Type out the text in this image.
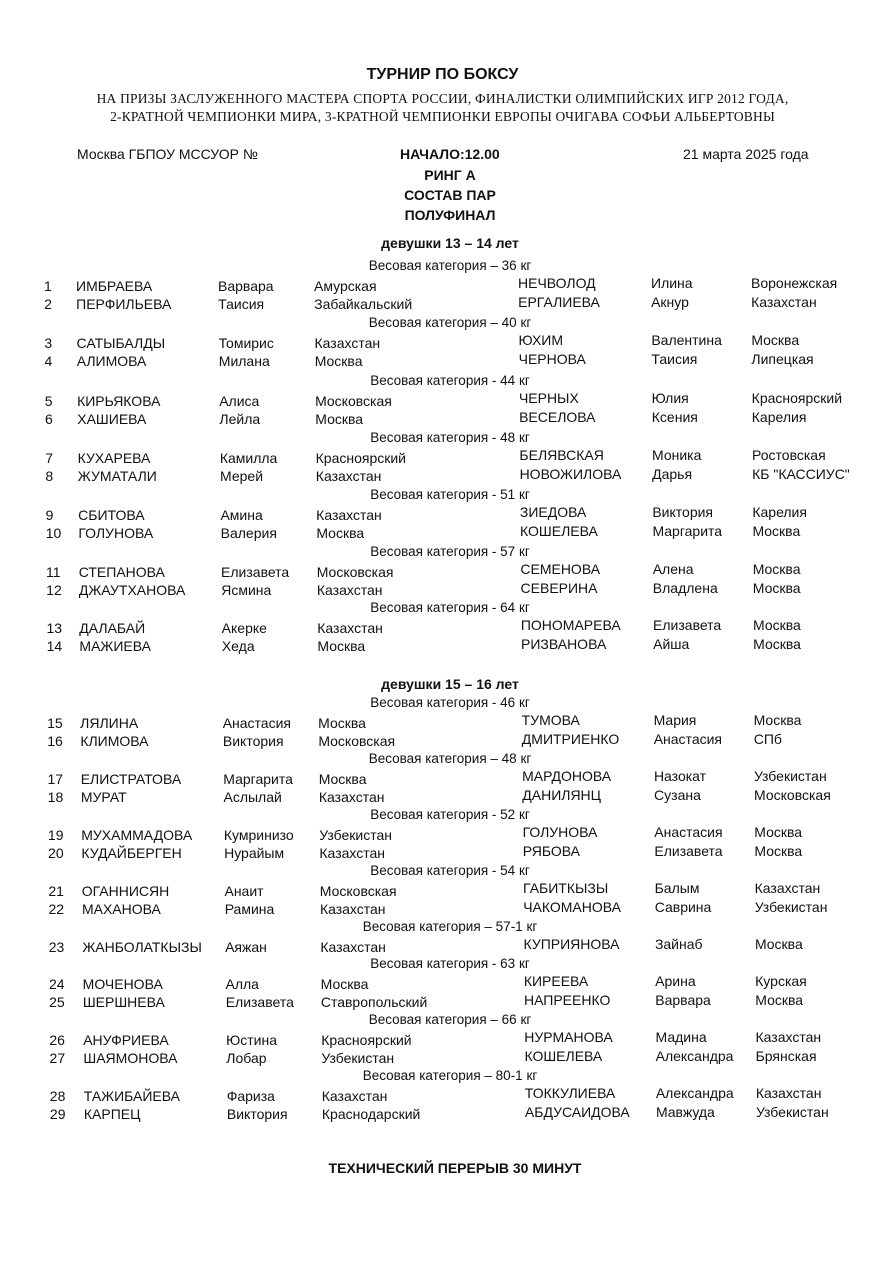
ТУРНИР ПО БОКСУ
НА ПРИЗЫ ЗАСЛУЖЕННОГО МАСТЕРА СПОРТА РОССИИ, ФИНАЛИСТКИ ОЛИМПИЙСКИХ ИГР 2012 ГОДА,
2-КРАТНОЙ ЧЕМПИОНКИ МИРА, 3-КРАТНОЙ ЧЕМПИОНКИ ЕВРОПЫ ОЧИГАВА СОФЬИ АЛЬБЕРТОВНЫ
Москва ГБПОУ МССУОР №	НАЧАЛО:12.00	21 марта 2025 года
РИНГ А
СОСТАВ ПАР
ПОЛУФИНАЛ
девушки 13 – 14 лет
Весовая категория – 36 кг
1 ИМБРАЕВА	Варвара	Амурская	НЕЧВОЛОД	Илина	Воронежская
2 ПЕРФИЛЬЕВА	Таисия	Забайкальский	ЕРГАЛИЕВА	Акнур	Казахстан
Весовая категория – 40 кг
3 САТЫБАЛДЫ	Томирис	Казахстан	ЮХИМ	Валентина Москва
4 АЛИМОВА	Милана	Москва	ЧЕРНОВА	Таисия	Липецкая
Весовая категория - 44 кг
5 КИРЬЯКОВА	Алиса	Московская	ЧЕРНЫХ	Юлия	Красноярский
6 ХАШИЕВА	Лейла	Москва	ВЕСЕЛОВА	Ксения	Карелия
Весовая категория - 48 кг
7 КУХАРЕВА	Камилла	Красноярский	БЕЛЯВСКАЯ	Моника	Ростовская
8 ЖУМАТАЛИ	Мерей	Казахстан	НОВОЖИЛОВА Дарья	КБ "КАССИУС"
Весовая категория - 51 кг
9 СБИТОВА	Амина	Казахстан	ЗИЕДОВА	Виктория	Карелия
10 ГОЛУНОВА	Валерия	Москва	КОШЕЛЕВА	Маргарита Москва
Весовая категория - 57 кг
11 СТЕПАНОВА	Елизавета Московская	СЕМЕНОВА	Алена	Москва
12 ДЖАУТХАНОВА	Ясмина	Казахстан	СЕВЕРИНА	Владлена	Москва
Весовая категория - 64 кг
13 ДАЛАБАЙ	Акерке	Казахстан	ПОНОМАРЕВА Елизавета Москва
14 МАЖИЕВА	Хеда	Москва	РИЗВАНОВА	Айша	Москва
девушки 15 – 16 лет
Весовая категория - 46 кг
15 ЛЯЛИНА	Анастасия Москва	ТУМОВА	Мария	Москва
16 КЛИМОВА	Виктория Московская	ДМИТРИЕНКО Анастасия СПб
Весовая категория – 48 кг
17 ЕЛИСТРАТОВА	Маргарита Москва	МАРДОНОВА	Назокат	Узбекистан
18 МУРАТ	Аслылай	Казахстан	ДАНИЛЯНЦ	Сузана	Московская
Весовая категория - 52 кг
19 МУХАММАДОВА Кумринизо Узбекистан	ГОЛУНОВА	Анастасия Москва
20 КУДАЙБЕРГЕН	Нурайым	Казахстан	РЯБОВА	Елизавета Москва
Весовая категория - 54 кг
21 ОГАННИСЯН	Анаит	Московская	ГАБИТКЫЗЫ	Балым	Казахстан
22 МАХАНОВА	Рамина	Казахстан	ЧАКОМАНОВА Саврина	Узбекистан
Весовая категория – 57-1 кг
23 ЖАНБОЛАТКЫЗЫ Аяжан	Казахстан	КУПРИЯНОВА	Зайнаб	Москва
Весовая категория - 63 кг
24 МОЧЕНОВА	Алла	Москва	КИРЕЕВА	Арина	Курская
25 ШЕРШНЕВА	Елизавета Ставропольский	НАПРЕЕНКО	Варвара	Москва
Весовая категория – 66 кг
26 АНУФРИЕВА	Юстина	Красноярский	НУРМАНОВА	Мадина	Казахстан
27 ШАЯМОНОВА	Лобар	Узбекистан	КОШЕЛЕВА	Александра Брянская
Весовая категория – 80-1 кг
28 ТАЖИБАЙЕВА	Фариза	Казахстан	ТОККУЛИЕВА	Александра Казахстан
29 КАРПЕЦ	Виктория Краснодарский	АБДУСАИДОВА Мавжуда	Узбекистан
ТЕХНИЧЕСКИЙ ПЕРЕРЫВ 30 МИНУТ
